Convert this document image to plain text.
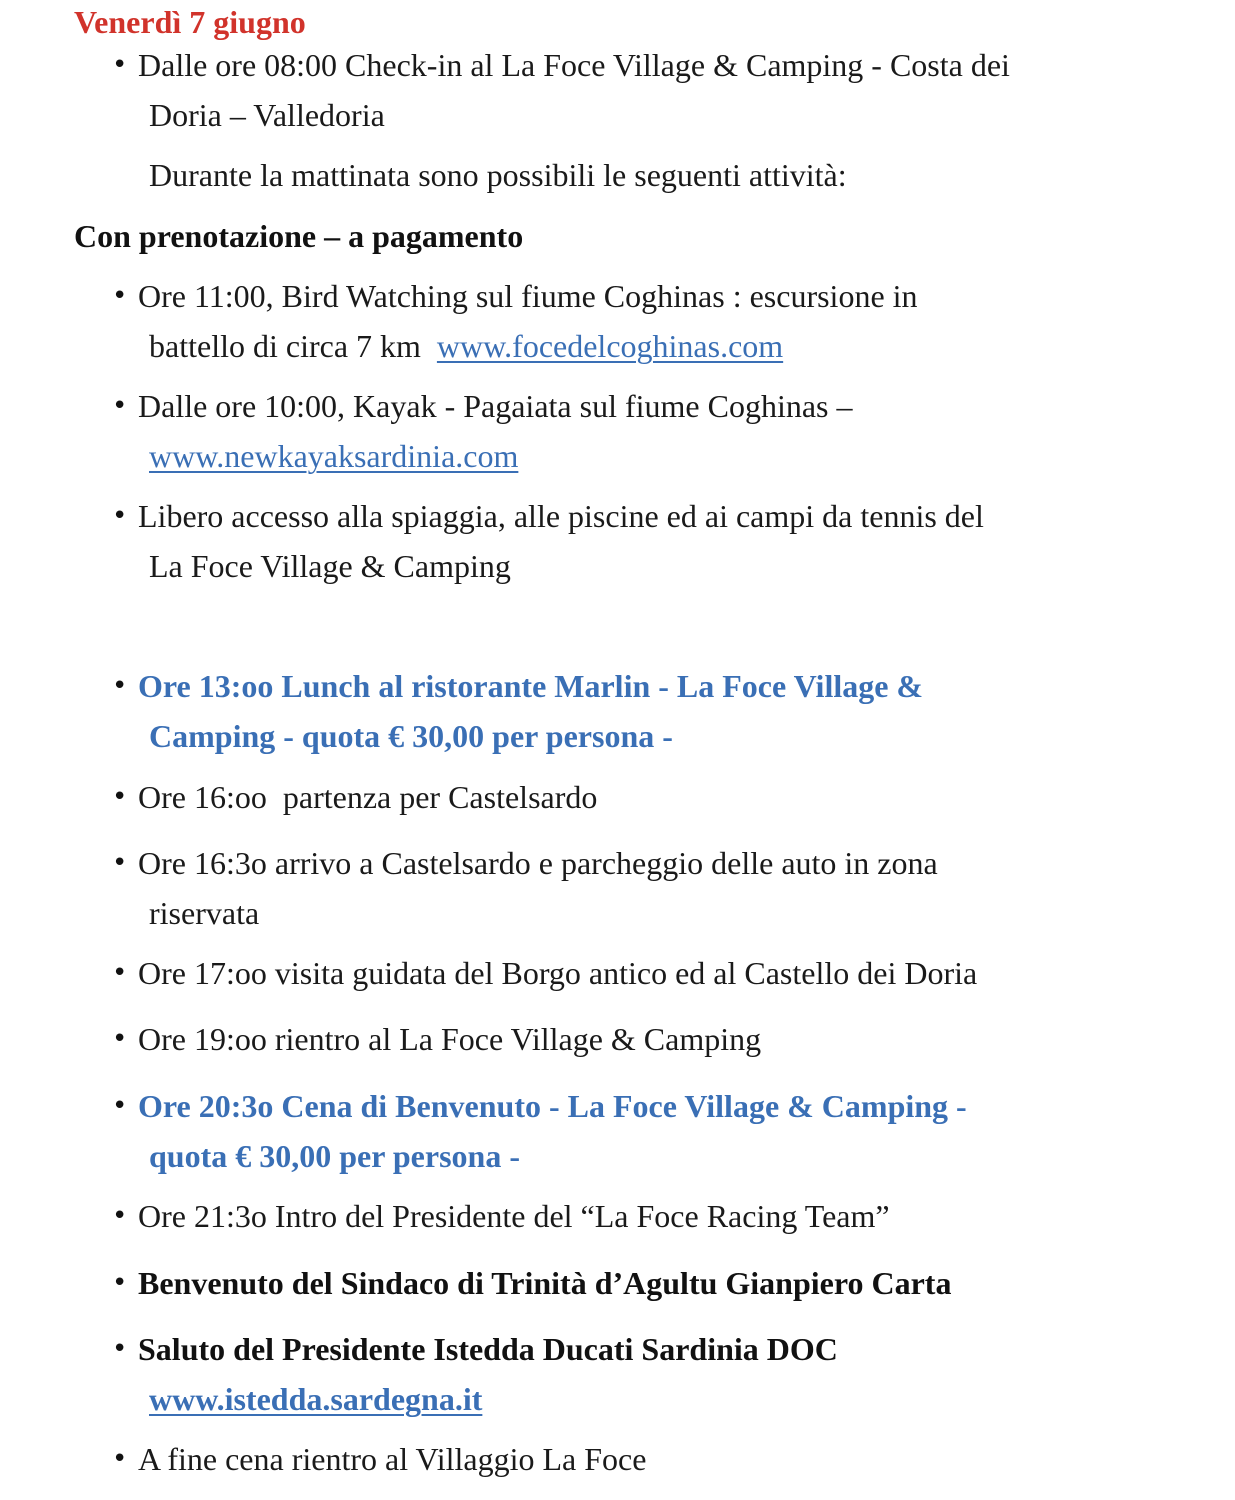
Venerdì 7 giugno
• Dalle ore 08:00 Check-in al La Foce Village & Camping - Costa dei
Doria – Valledoria
Durante la mattinata sono possibili le seguenti attività:
Con prenotazione – a pagamento
• Ore 11:00, Bird Watching sul fiume Coghinas : escursione in
battello di circa 7 km www.focedelcoghinas.com
• Dalle ore 10:00, Kayak - Pagaiata sul fiume Coghinas –
www.newkayaksardinia.com
• Libero accesso alla spiaggia, alle piscine ed ai campi da tennis del
La Foce Village & Camping
• Ore 13:oo Lunch al ristorante Marlin - La Foce Village &
Camping - quota € 30,00 per persona -
• Ore 16:oo  partenza per Castelsardo
• Ore 16:3o arrivo a Castelsardo e parcheggio delle auto in zona
riservata
• Ore 17:oo visita guidata del Borgo antico ed al Castello dei Doria
• Ore 19:oo rientro al La Foce Village & Camping
• Ore 20:3o Cena di Benvenuto - La Foce Village & Camping -
quota € 30,00 per persona -
• Ore 21:3o Intro del Presidente del “La Foce Racing Team”
• Benvenuto del Sindaco di Trinità d’Agultu Gianpiero Carta
• Saluto del Presidente Istedda Ducati Sardinia DOC
www.istedda.sardegna.it
• A fine cena rientro al Villaggio La Foce
